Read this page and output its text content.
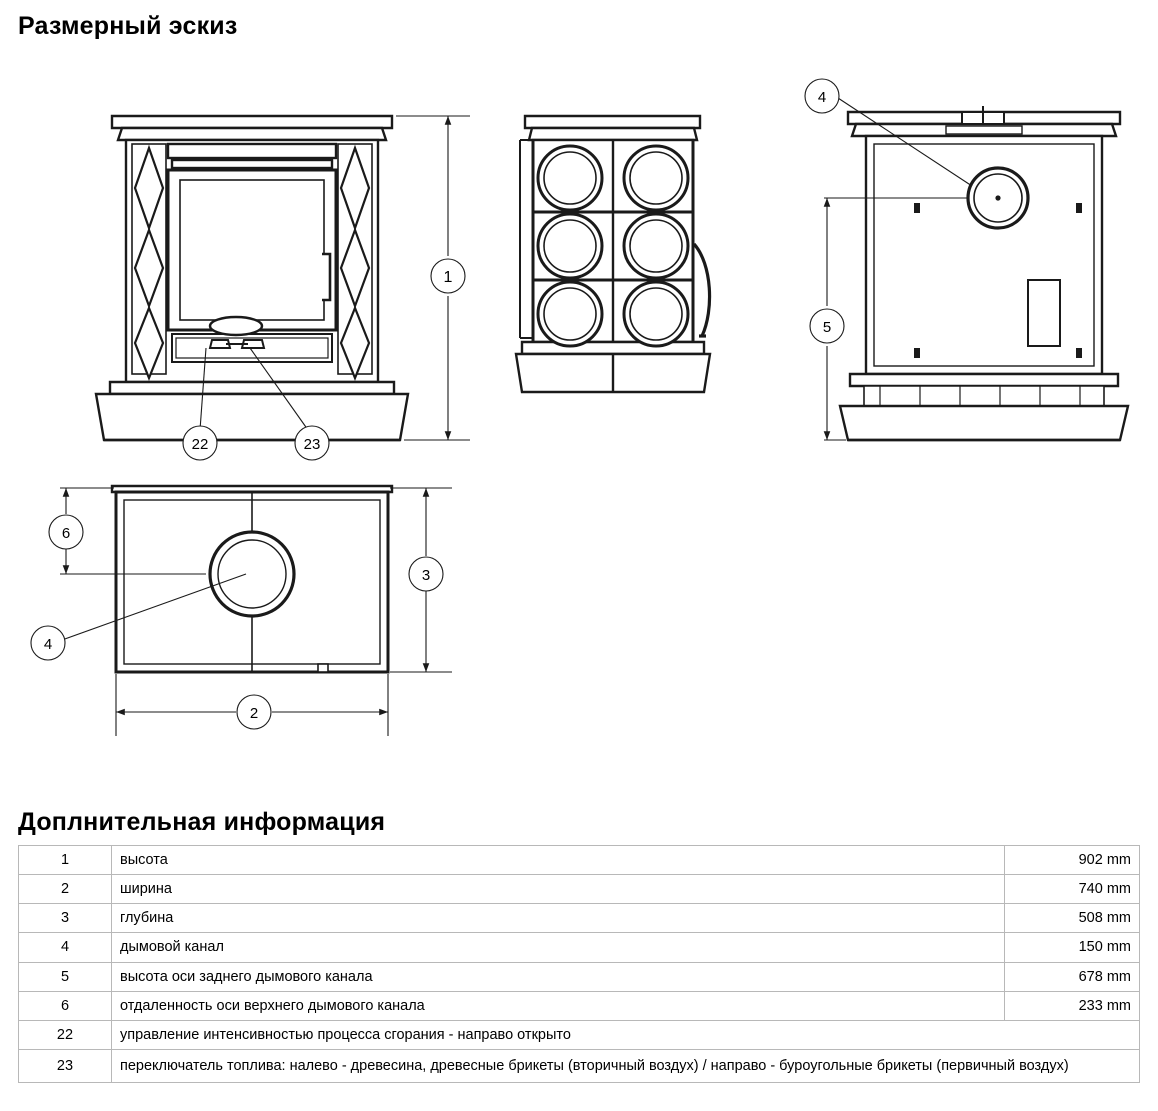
Размерный эскиз
1
22	23
4
5
4
6
3
2
Доплнительная информация
1	высота	902 mm
2	ширина	740 mm
3	глубина	508 mm
4	дымовой канал	150 mm
5	высота оси заднего дымового канала	678 mm
6	отдаленность оси верхнего дымового канала	233 mm
22	управление интенсивностью процесса сгорания - направо открыто	
23	переключатель топлива: налево - древесина, древесные брикеты (вторичный воздух) / направо - буроугольные брикеты (первичный воздух)	
